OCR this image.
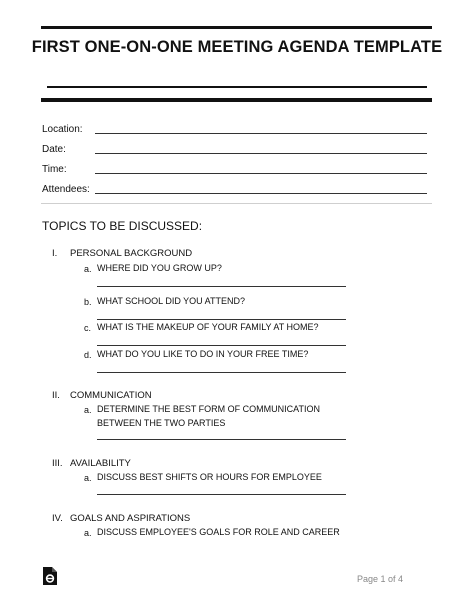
FIRST ONE-ON-ONE MEETING AGENDA TEMPLATE
Location:
Date:
Time:
Attendees:
TOPICS TO BE DISCUSSED:
I. PERSONAL BACKGROUND
a. WHERE DID YOU GROW UP?
b. WHAT SCHOOL DID YOU ATTEND?
c. WHAT IS THE MAKEUP OF YOUR FAMILY AT HOME?
d. WHAT DO YOU LIKE TO DO IN YOUR FREE TIME?
II. COMMUNICATION
a. DETERMINE THE BEST FORM OF COMMUNICATION BETWEEN THE TWO PARTIES
III. AVAILABILITY
a. DISCUSS BEST SHIFTS OR HOURS FOR EMPLOYEE
IV. GOALS AND ASPIRATIONS
a. DISCUSS EMPLOYEE'S GOALS FOR ROLE AND CAREER
Page 1 of 4
